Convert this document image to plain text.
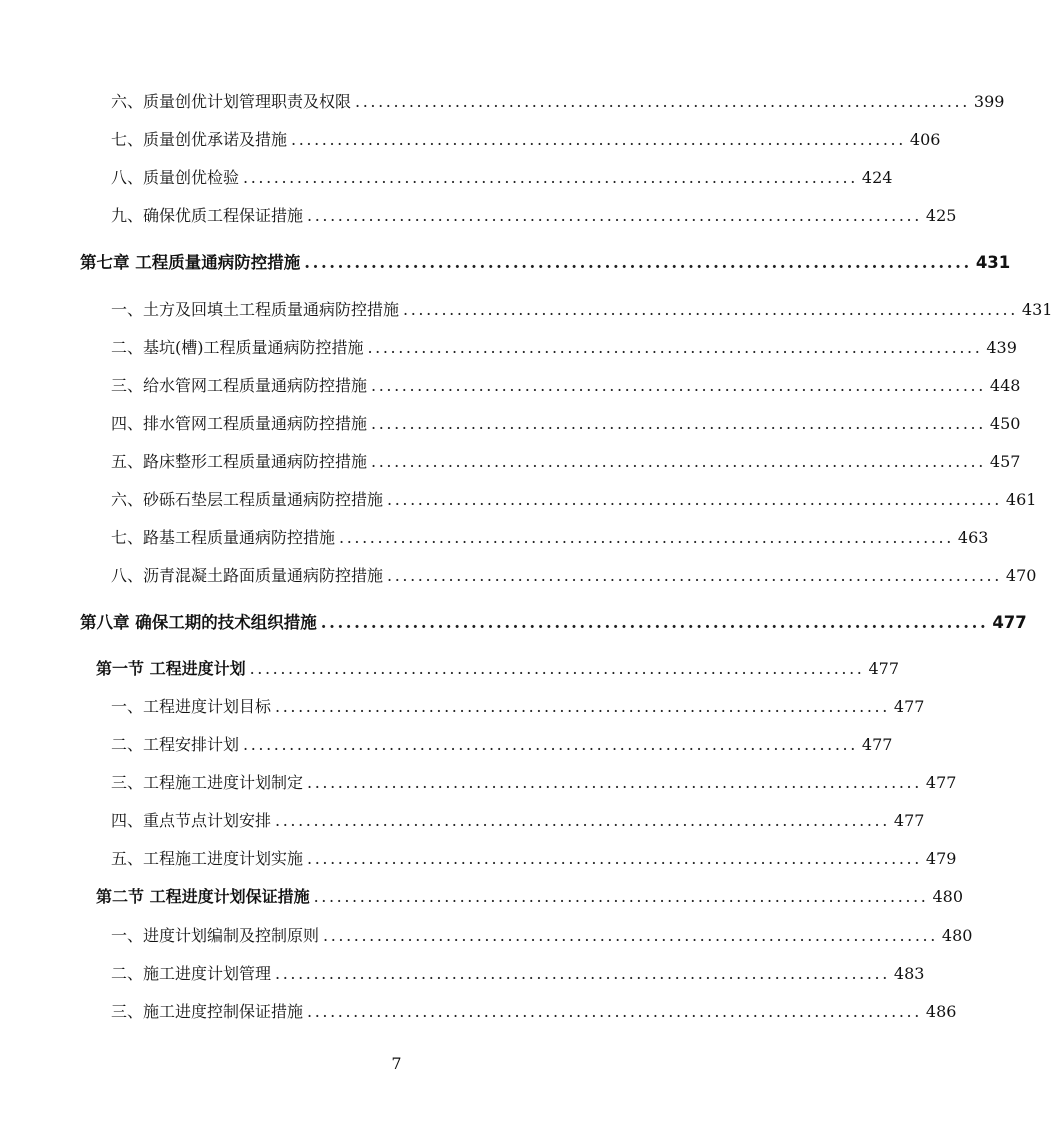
六、质量创优计划管理职责及权限 ................................................................................ 399
七、质量创优承诺及措施 ................................................................................ 406
八、质量创优检验 ................................................................................ 424
九、确保优质工程保证措施 ................................................................................ 425
第七章 工程质量通病防控措施 ................................................................................ 431
一、土方及回填土工程质量通病防控措施 ................................................................................ 431
二、基坑(槽)工程质量通病防控措施 ................................................................................ 439
三、给水管网工程质量通病防控措施 ................................................................................ 448
四、排水管网工程质量通病防控措施 ................................................................................ 450
五、路床整形工程质量通病防控措施 ................................................................................ 457
六、砂砾石垫层工程质量通病防控措施 ................................................................................ 461
七、路基工程质量通病防控措施 ................................................................................ 463
八、沥青混凝土路面质量通病防控措施 ................................................................................ 470
第八章 确保工期的技术组织措施 ................................................................................ 477
第一节 工程进度计划 ................................................................................ 477
一、工程进度计划目标 ................................................................................ 477
二、工程安排计划 ................................................................................ 477
三、工程施工进度计划制定 ................................................................................ 477
四、重点节点计划安排 ................................................................................ 477
五、工程施工进度计划实施 ................................................................................ 479
第二节 工程进度计划保证措施 ................................................................................ 480
一、进度计划编制及控制原则 ................................................................................ 480
二、施工进度计划管理 ................................................................................ 483
三、施工进度控制保证措施 ................................................................................ 486
7
